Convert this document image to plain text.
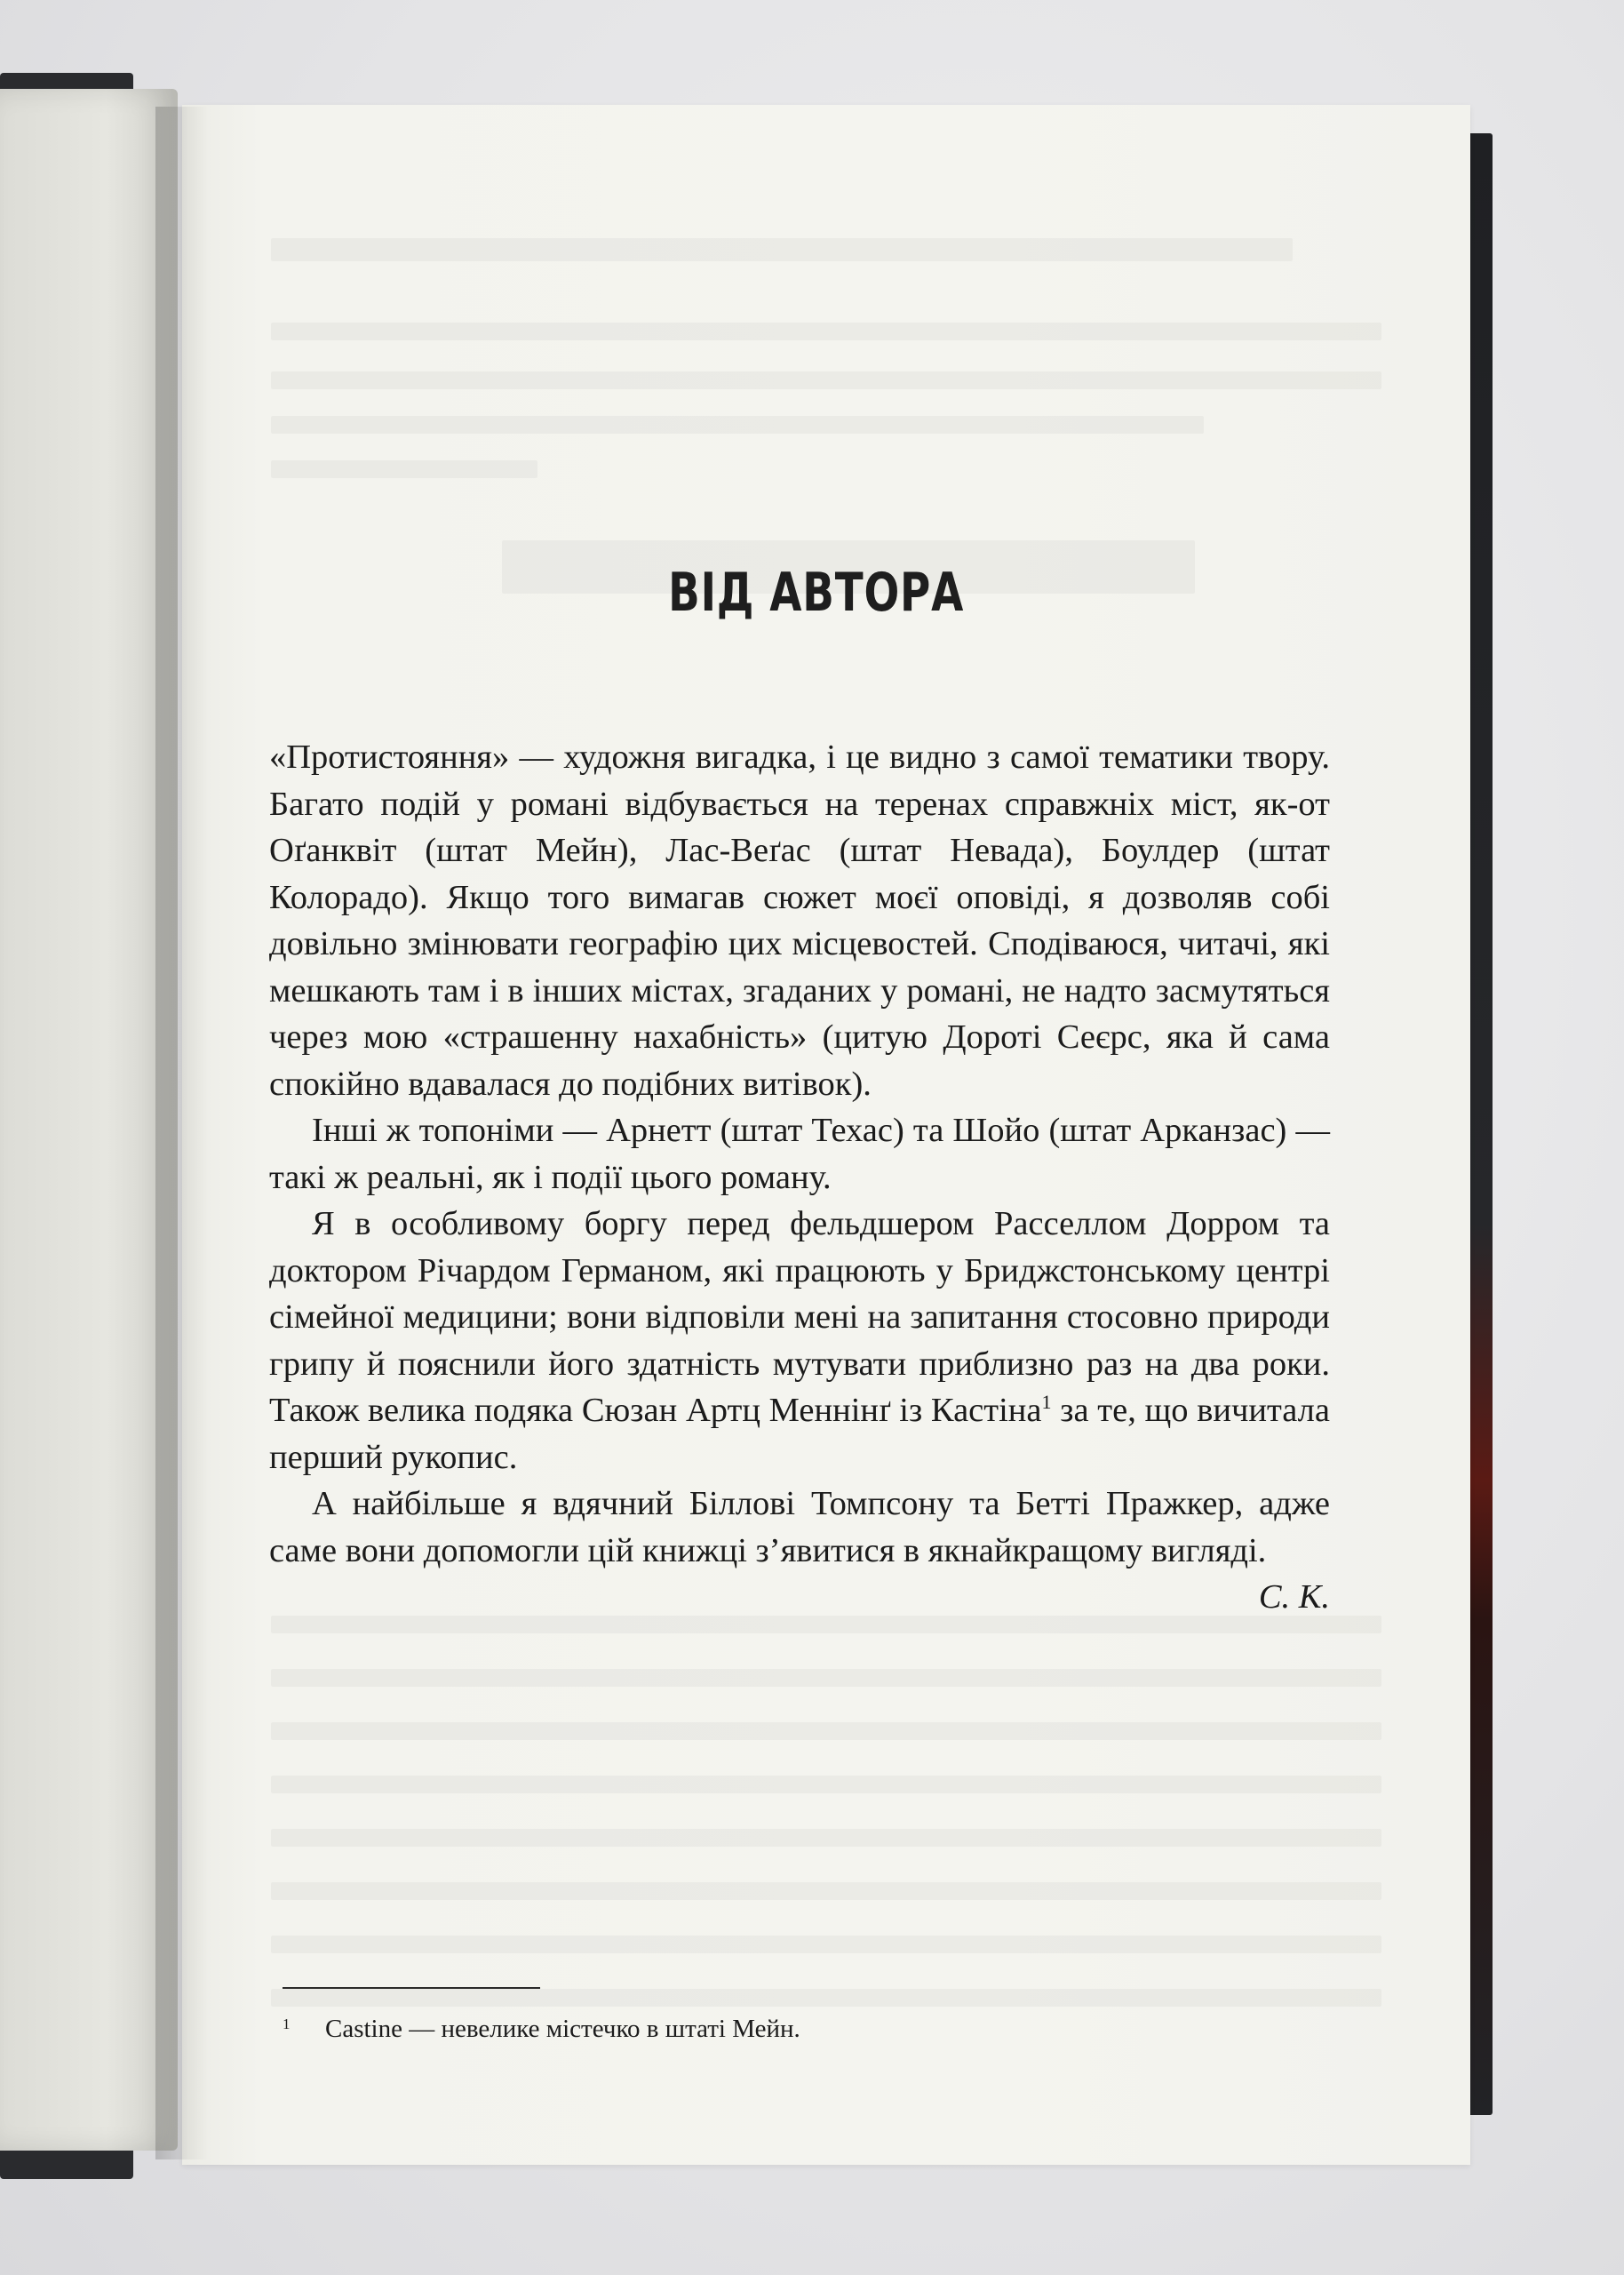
ВІД АВТОРА

«Протистояння» — художня вигадка, і це видно з самої тематики твору. Багато подій у романі відбувається на теренах справжніх міст, як-от Оґанквіт (штат Мейн), Лас-Веґас (штат Невада), Боулдер (штат Колорадо). Якщо того вимагав сюжет моєї оповіді, я дозволяв собі довільно змінювати географію цих місцевостей. Сподіваюся, читачі, які мешкають там і в інших містах, згаданих у романі, не надто засмутяться через мою «страшенну нахабність» (цитую Дороті Сеєрс, яка й сама спокійно вдавалася до подібних витівок).

Інші ж топоніми — Арнетт (штат Техас) та Шойо (штат Арканзас) — такі ж реальні, як і події цього роману.

Я в особливому боргу перед фельдшером Расселлом Дорром та доктором Річардом Германом, які працюють у Бриджстонському центрі сімейної медицини; вони відповіли мені на запитання стосовно природи грипу й пояснили його здатність мутувати приблизно раз на два роки. Також велика подяка Сюзан Артц Меннінґ із Кастіна$^1$ за те, що вичитала перший рукопис.

А найбільше я вдячний Біллові Томпсону та Бетті Пражкер, адже саме вони допомогли цій книжці з’явитися в якнайкращому вигляді.

С. К.

1 Castine — невелике містечко в штаті Мейн.
